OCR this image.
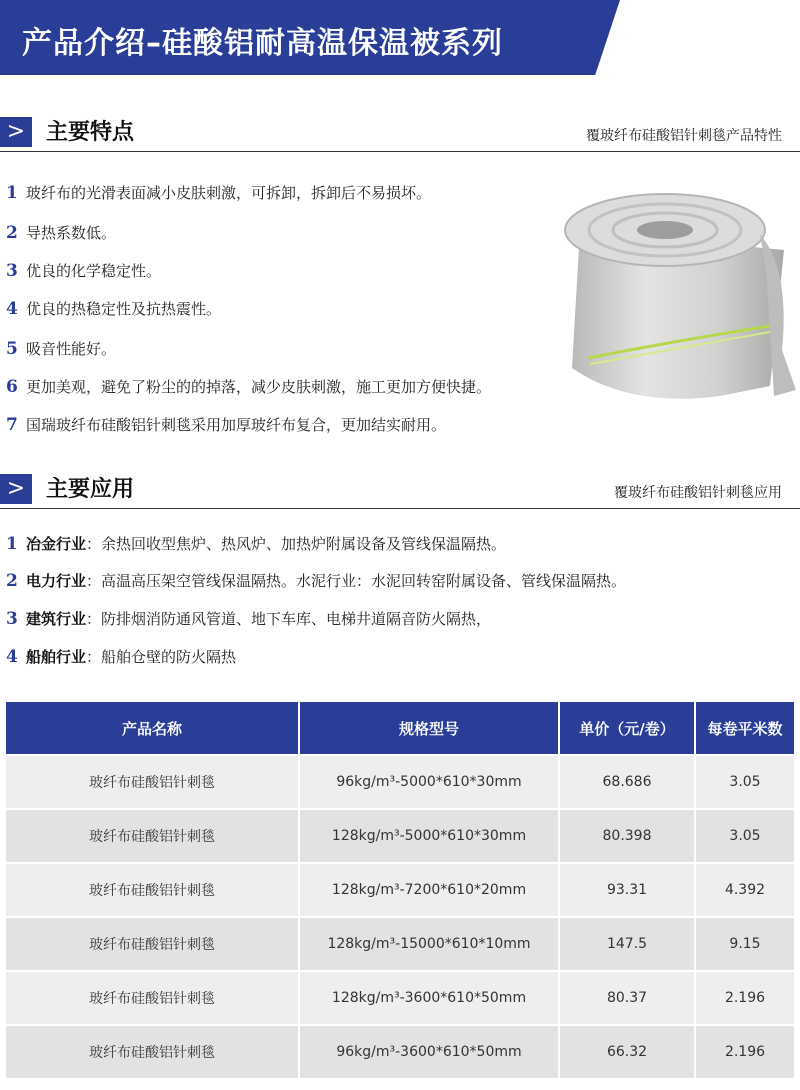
产品介绍–硅酸铝耐高温保温被系列
> 主要特点	覆玻纤布硅酸铝针刺毯产品特性
1 玻纤布的光滑表面减小皮肤刺激，可拆卸，拆卸后不易损坏。
2 导热系数低。
3 优良的化学稳定性。
4 优良的热稳定性及抗热震性。
5 吸音性能好。
6 更加美观，避免了粉尘的的掉落，减少皮肤刺激，施工更加方便快捷。
7 国瑞玻纤布硅酸铝针刺毯采用加厚玻纤布复合，更加结实耐用。
> 主要应用	覆玻纤布硅酸铝针刺毯应用
1 冶金行业：余热回收型焦炉、热风炉、加热炉附属设备及管线保温隔热。
2 电力行业：高温高压架空管线保温隔热。水泥行业：水泥回转窑附属设备、管线保温隔热。
3 建筑行业：防排烟消防通风管道、地下车库、电梯井道隔音防火隔热，
4 船舶行业：船舶仓壁的防火隔热
产品名称	规格型号	单价（元/卷）	每卷平米数
玻纤布硅酸铝针刺毯	96kg/m³-5000*610*30mm	68.686	3.05
玻纤布硅酸铝针刺毯	128kg/m³-5000*610*30mm	80.398	3.05
玻纤布硅酸铝针刺毯	128kg/m³-7200*610*20mm	93.31	4.392
玻纤布硅酸铝针刺毯	128kg/m³-15000*610*10mm	147.5	9.15
玻纤布硅酸铝针刺毯	128kg/m³-3600*610*50mm	80.37	2.196
玻纤布硅酸铝针刺毯	96kg/m³-3600*610*50mm	66.32	2.196
